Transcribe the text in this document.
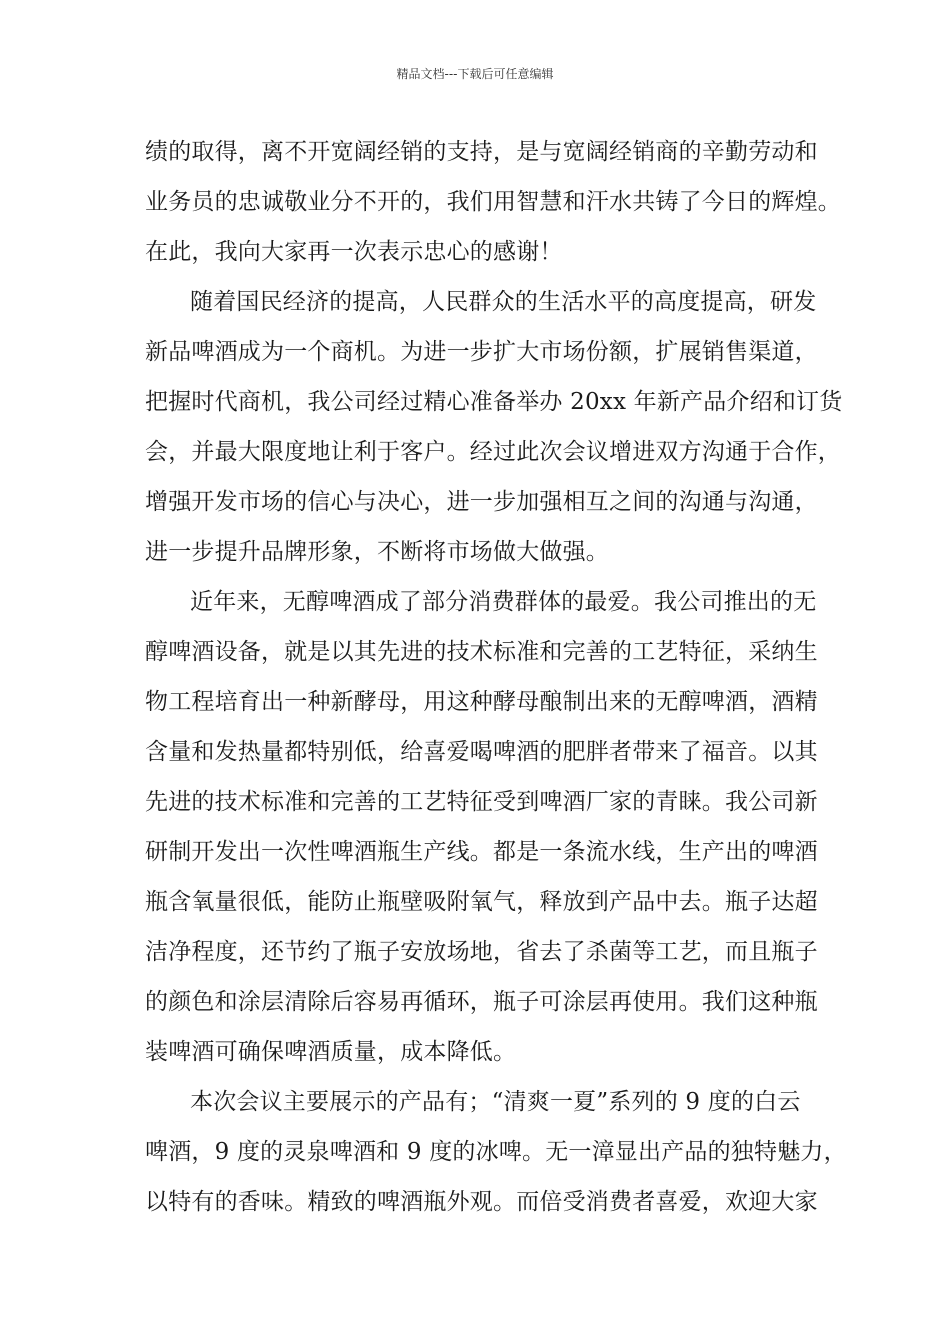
精品文档---下载后可任意编辑
绩的取得，离不开宽阔经销的支持，是与宽阔经销商的辛勤劳动和
业务员的忠诚敬业分不开的，我们用智慧和汗水共铸了今日的辉煌。
在此，我向大家再一次表示忠心的感谢！
随着国民经济的提高，人民群众的生活水平的高度提高，研发
新品啤酒成为一个商机。为进一步扩大市场份额，扩展销售渠道，
把握时代商机，我公司经过精心准备举办 20xx 年新产品介绍和订货
会，并最大限度地让利于客户。经过此次会议增进双方沟通于合作，
增强开发市场的信心与决心，进一步加强相互之间的沟通与沟通，
进一步提升品牌形象，不断将市场做大做强。
近年来，无醇啤酒成了部分消费群体的最爱。我公司推出的无
醇啤酒设备，就是以其先进的技术标准和完善的工艺特征，采纳生
物工程培育出一种新酵母，用这种酵母酿制出来的无醇啤酒，酒精
含量和发热量都特别低，给喜爱喝啤酒的肥胖者带来了福音。以其
先进的技术标准和完善的工艺特征受到啤酒厂家的青睐。我公司新
研制开发出一次性啤酒瓶生产线。都是一条流水线，生产出的啤酒
瓶含氧量很低，能防止瓶壁吸附氧气，释放到产品中去。瓶子达超
洁净程度，还节约了瓶子安放场地，省去了杀菌等工艺，而且瓶子
的颜色和涂层清除后容易再循环，瓶子可涂层再使用。我们这种瓶
装啤酒可确保啤酒质量，成本降低。
本次会议主要展示的产品有；“清爽一夏”系列的 9 度的白云
啤酒，9 度的灵泉啤酒和 9 度的冰啤。无一漳显出产品的独特魅力，
以特有的香味。精致的啤酒瓶外观。而倍受消费者喜爱，欢迎大家
